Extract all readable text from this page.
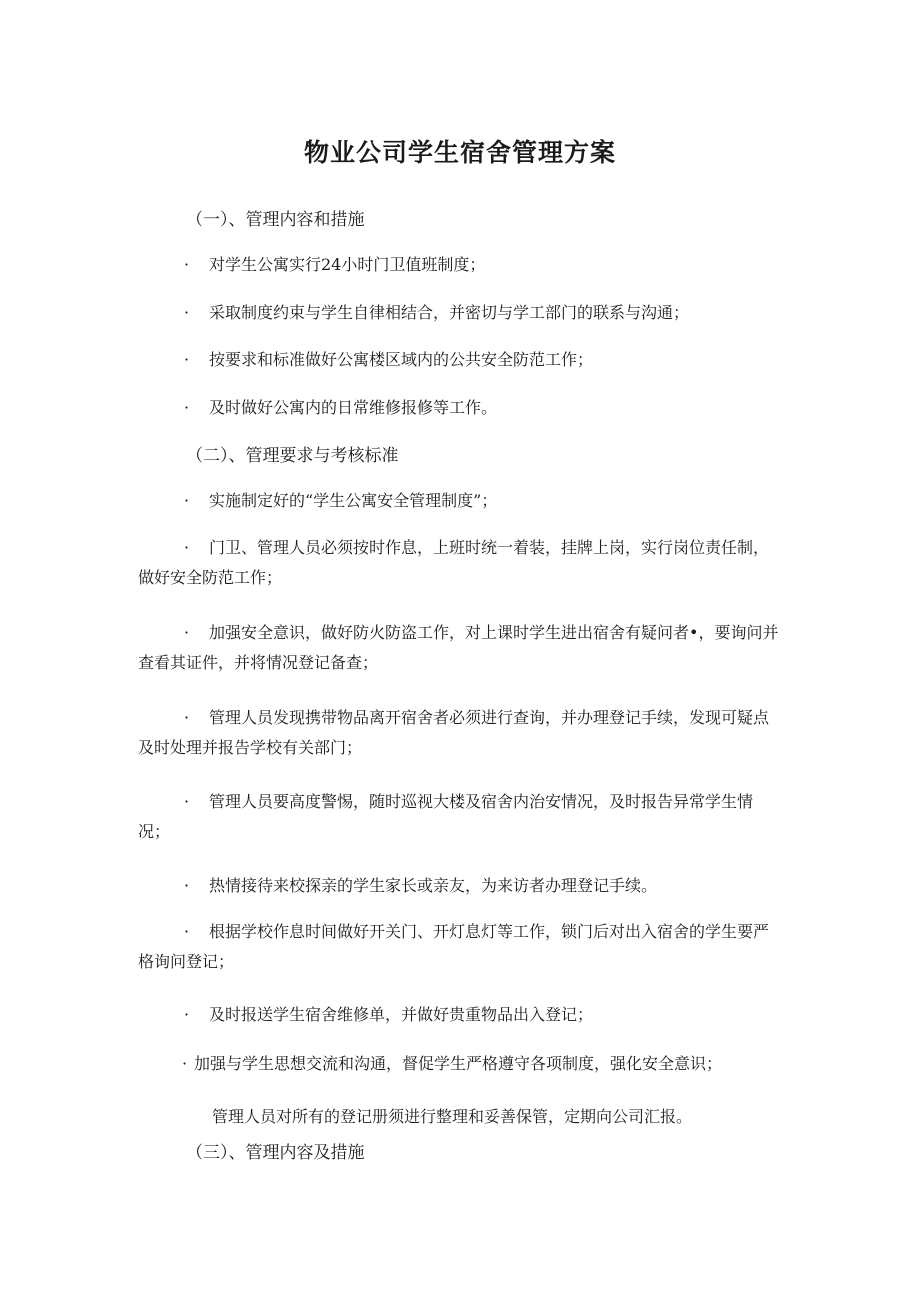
物业公司学生宿舍管理方案
（一）、管理内容和措施
· 对学生公寓实行24小时门卫值班制度；
· 采取制度约束与学生自律相结合，并密切与学工部门的联系与沟通；
· 按要求和标准做好公寓楼区域内的公共安全防范工作；
· 及时做好公寓内的日常维修报修等工作。
（二）、管理要求与考核标准
· 实施制定好的“学生公寓安全管理制度”；
· 门卫、管理人员必须按时作息，上班时统一着装，挂牌上岗，实行岗位责任制，做好安全防范工作；
· 加强安全意识，做好防火防盗工作，对上课时学生进出宿舍有疑问者•，要询问并查看其证件，并将情况登记备查；
· 管理人员发现携带物品离开宿舍者必须进行查询，并办理登记手续，发现可疑点及时处理并报告学校有关部门；
· 管理人员要高度警惕，随时巡视大楼及宿舍内治安情况，及时报告异常学生情况；
· 热情接待来校探亲的学生家长或亲友，为来访者办理登记手续。
· 根据学校作息时间做好开关门、开灯息灯等工作，锁门后对出入宿舍的学生要严格询问登记；
· 及时报送学生宿舍维修单，并做好贵重物品出入登记；
· 加强与学生思想交流和沟通，督促学生严格遵守各项制度，强化安全意识；
管理人员对所有的登记册须进行整理和妥善保管，定期向公司汇报。
（三）、管理内容及措施
